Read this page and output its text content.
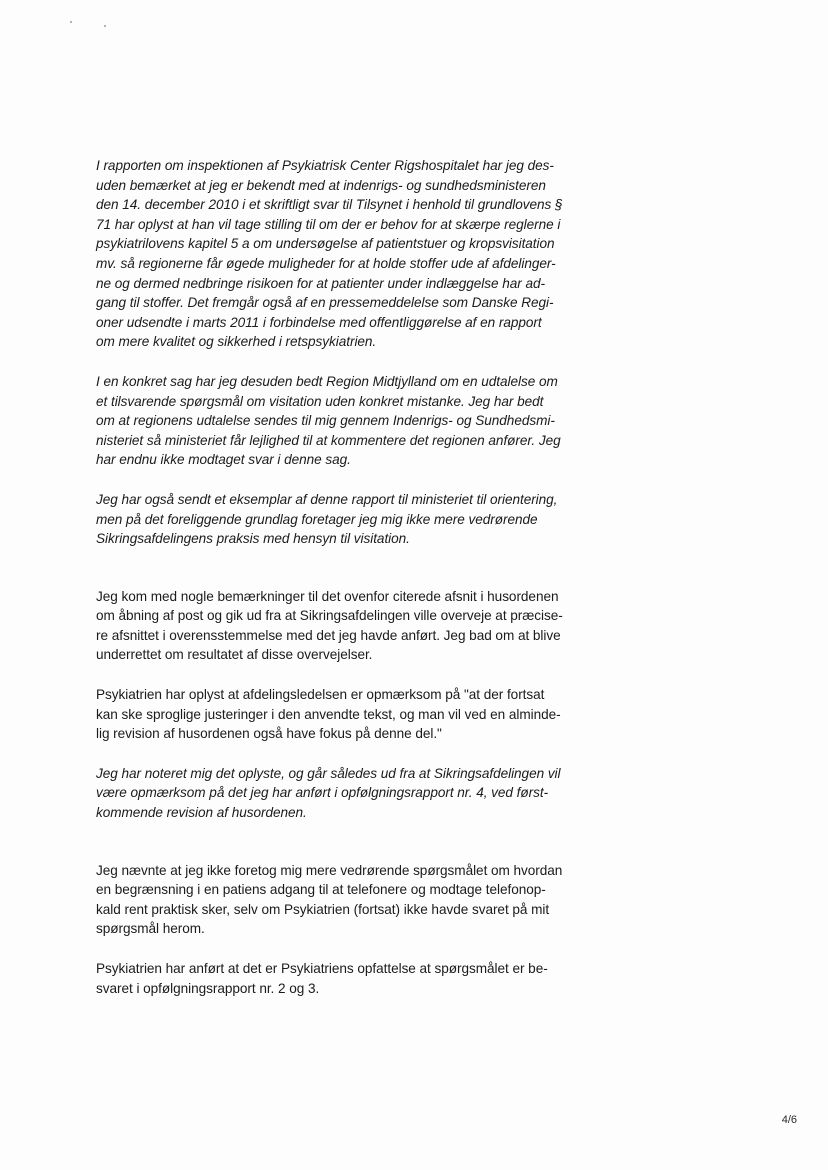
I rapporten om inspektionen af Psykiatrisk Center Rigshospitalet har jeg des-
uden bemærket at jeg er bekendt med at indenrigs- og sundhedsministeren
den 14. december 2010 i et skriftligt svar til Tilsynet i henhold til grundlovens §
71 har oplyst at han vil tage stilling til om der er behov for at skærpe reglerne i
psykiatrilovens kapitel 5 a om undersøgelse af patientstuer og kropsvisitation
mv. så regionerne får øgede muligheder for at holde stoffer ude af afdelinger-
ne og dermed nedbringe risikoen for at patienter under indlæggelse har ad-
gang til stoffer. Det fremgår også af en pressemeddelelse som Danske Regi-
oner udsendte i marts 2011 i forbindelse med offentliggørelse af en rapport
om mere kvalitet og sikkerhed i retspsykiatrien.

I en konkret sag har jeg desuden bedt Region Midtjylland om en udtalelse om
et tilsvarende spørgsmål om visitation uden konkret mistanke. Jeg har bedt
om at regionens udtalelse sendes til mig gennem Indenrigs- og Sundhedsmi-
nisteriet så ministeriet får lejlighed til at kommentere det regionen anfører. Jeg
har endnu ikke modtaget svar i denne sag.

Jeg har også sendt et eksemplar af denne rapport til ministeriet til orientering,
men på det foreliggende grundlag foretager jeg mig ikke mere vedrørende
Sikringsafdelingens praksis med hensyn til visitation.

Jeg kom med nogle bemærkninger til det ovenfor citerede afsnit i husordenen
om åbning af post og gik ud fra at Sikringsafdelingen ville overveje at præcise-
re afsnittet i overensstemmelse med det jeg havde anført. Jeg bad om at blive
underrettet om resultatet af disse overvejelser.

Psykiatrien har oplyst at afdelingsledelsen er opmærksom på "at der fortsat
kan ske sproglige justeringer i den anvendte tekst, og man vil ved en alminde-
lig revision af husordenen også have fokus på denne del."

Jeg har noteret mig det oplyste, og går således ud fra at Sikringsafdelingen vil
være opmærksom på det jeg har anført i opfølgningsrapport nr. 4, ved først-
kommende revision af husordenen.

Jeg nævnte at jeg ikke foretog mig mere vedrørende spørgsmålet om hvordan
en begrænsning i en patiens adgang til at telefonere og modtage telefonop-
kald rent praktisk sker, selv om Psykiatrien (fortsat) ikke havde svaret på mit
spørgsmål herom.

Psykiatrien har anført at det er Psykiatriens opfattelse at spørgsmålet er be-
svaret i opfølgningsrapport nr. 2 og 3.

4/6
